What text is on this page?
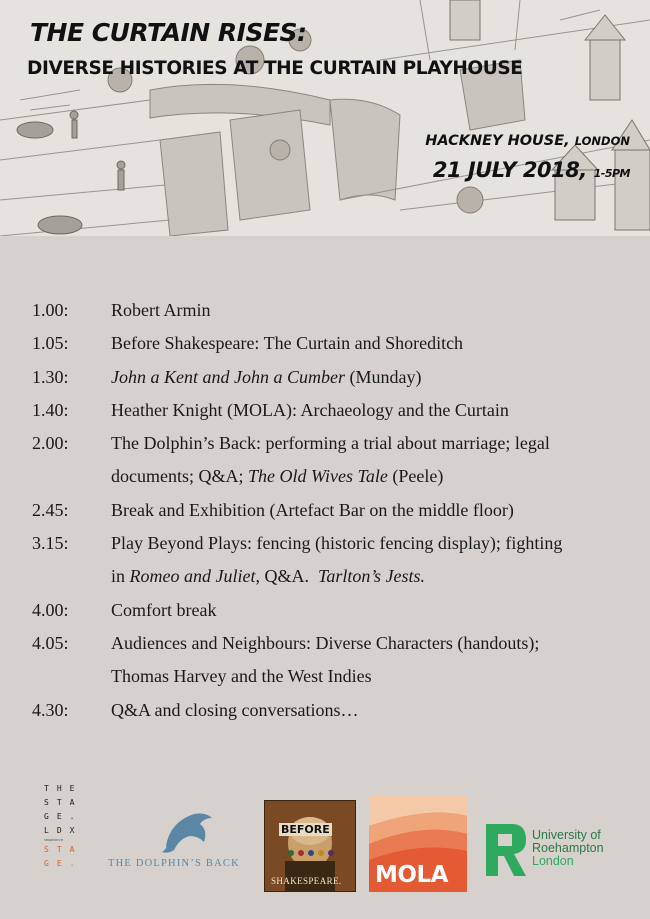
THE CURTAIN RISES:
DIVERSE HISTORIES AT THE CURTAIN PLAYHOUSE
HACKNEY HOUSE, LONDON
21 JULY 2018, 1-5PM
1.00:	Robert Armin
1.05:	Before Shakespeare: The Curtain and Shoreditch
1.30:	John a Kent and John a Cumber (Munday)
1.40:	Heather Knight (MOLA): Archaeology and the Curtain
2.00:	The Dolphin’s Back: performing a trial about marriage; legal
documents; Q&A; The Old Wives Tale (Peele)
2.45:	Break and Exhibition (Artefact Bar on the middle floor)
3.15:	Play Beyond Plays: fencing (historic fencing display); fighting
in Romeo and Juliet, Q&A.  Tarlton’s Jests.
4.00:	Comfort break
4.05:	Audiences and Neighbours: Diverse Characters (handouts);
Thomas Harvey and the West Indies
4.30:	Q&A and closing conversations…
THE
STA
GE.
LDX
SHOREDITCH
STA
GE. THE DOLPHIN’S BACK
BEFORE
SHAKESPEARE. MOLA
University of
Roehampton
London
